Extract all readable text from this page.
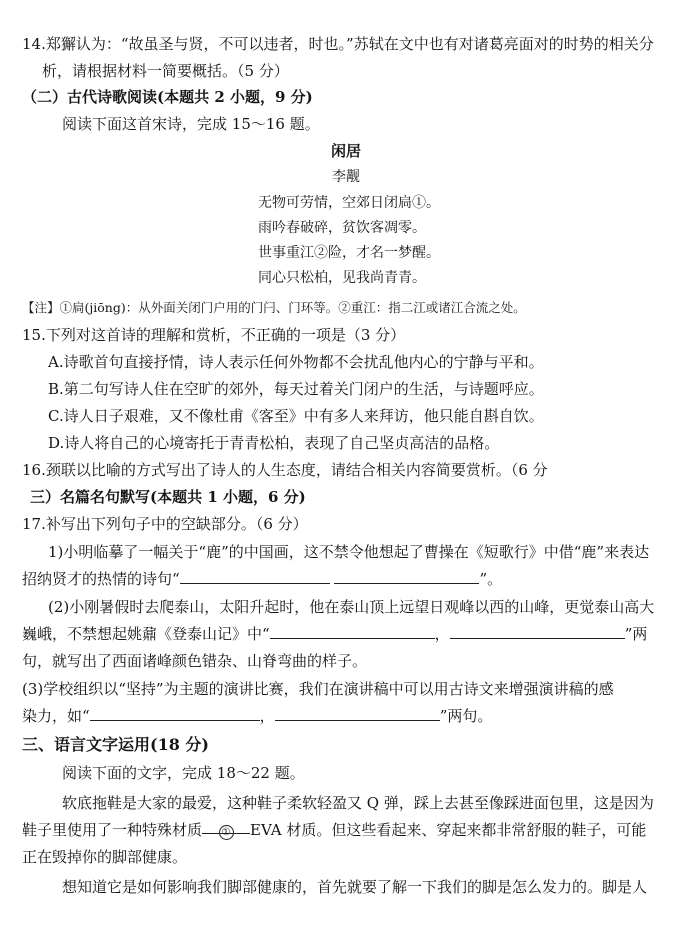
14.郑獬认为：“故虽圣与贤，不可以违者，时也。”苏轼在文中也有对诸葛亮面对的时势的相关分
析，请根据材料一简要概括。（5 分）
（二）古代诗歌阅读(本题共 2 小题，9 分)
阅读下面这首宋诗，完成 15～16 题。
闲居
李觏
无物可劳情，空郊日闭扃①。
雨吟春破碎，贫饮客凋零。
世事重江②险，才名一梦醒。
同心只松柏，见我尚青青。
【注】①扃(jiōng)：从外面关闭门户用的门闩、门环等。②重江：指二江或诸江合流之处。
15.下列对这首诗的理解和赏析，不正确的一项是（3 分）
A.诗歌首句直接抒情，诗人表示任何外物都不会扰乱他内心的宁静与平和。
B.第二句写诗人住在空旷的郊外，每天过着关门闭户的生活，与诗题呼应。
C.诗人日子艰难，又不像杜甫《客至》中有多人来拜访，他只能自斟自饮。
D.诗人将自己的心境寄托于青青松柏，表现了自己坚贞高洁的品格。
16.颈联以比喻的方式写出了诗人的人生态度，请结合相关内容简要赏析。（6 分
三）名篇名句默写(本题共 1 小题，6 分)
17.补写出下列句子中的空缺部分。（6 分）
1)小明临摹了一幅关于“鹿”的中国画，这不禁令他想起了曹操在《短歌行》中借“鹿”来表达
招纳贤才的热情的诗句“	”。
(2)小刚暑假时去爬泰山，太阳升起时，他在泰山顶上远望日观峰以西的山峰，更觉泰山高大
巍峨，不禁想起姚鼐《登泰山记》中“	，	”两
句，就写出了西面诸峰颜色错杂、山脊弯曲的样子。
(3)学校组织以“坚持”为主题的演讲比赛，我们在演讲稿中可以用古诗文来增强演讲稿的感
染力，如“	，	”两句。
三、语言文字运用(18 分)
阅读下面的文字，完成 18～22 题。
软底拖鞋是大家的最爱，这种鞋子柔软轻盈又 Q 弹，踩上去甚至像踩进面包里，这是因为
鞋子里使用了一种特殊材质 ① EVA 材质。但这些看起来、穿起来都非常舒服的鞋子，可能
正在毁掉你的脚部健康。
想知道它是如何影响我们脚部健康的，首先就要了解一下我们的脚是怎么发力的。脚是人
